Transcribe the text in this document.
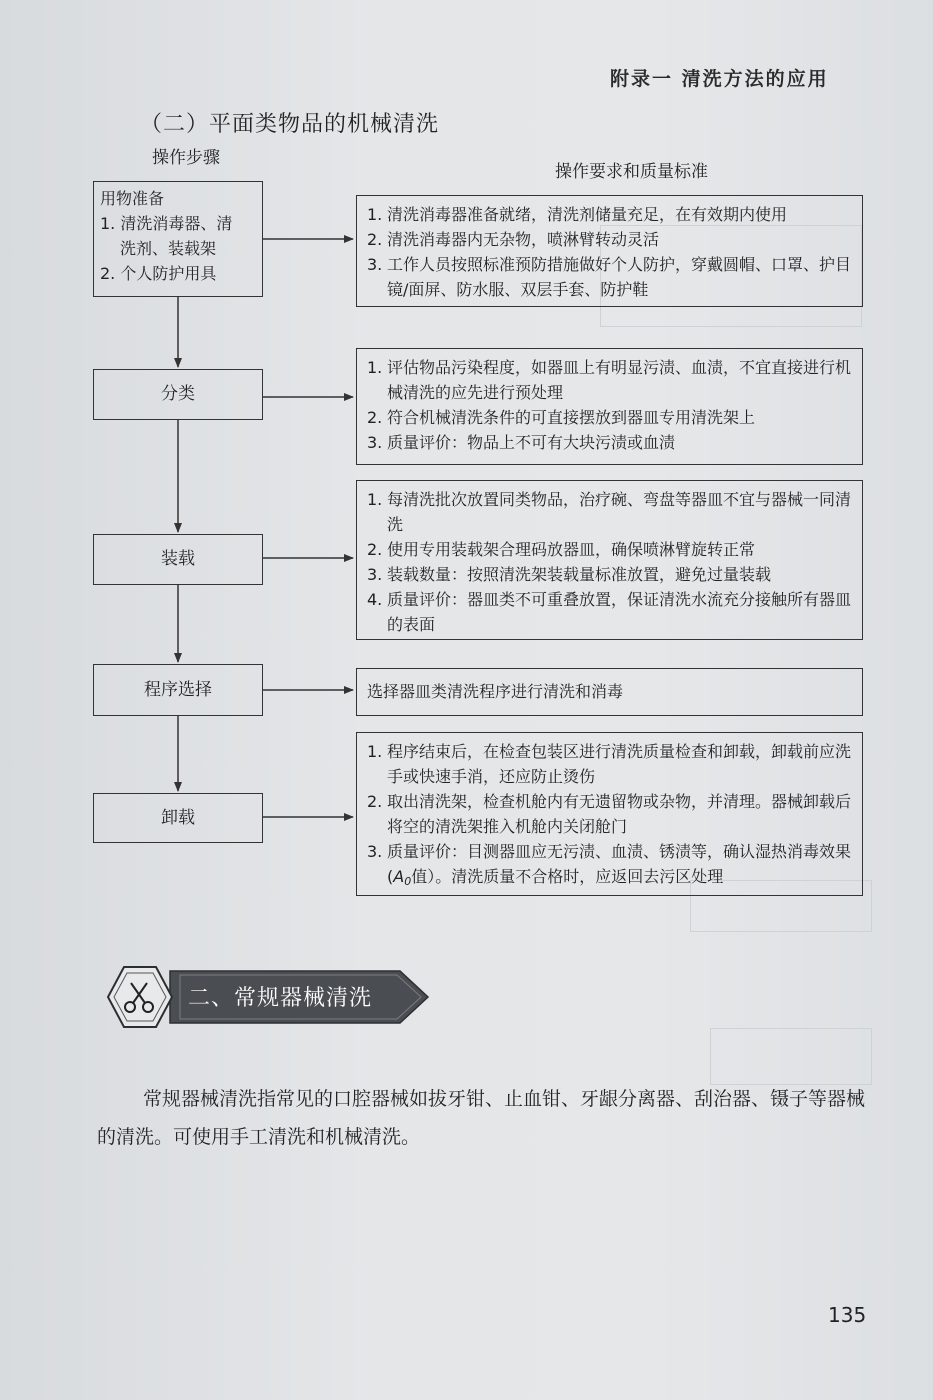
附录一 清洗方法的应用
（二）平面类物品的机械清洗
操作步骤
操作要求和质量标准
用物准备
1. 清洗消毒器、清
洗剂、装载架
2. 个人防护用具
分类
装载
程序选择
卸载
1. 清洗消毒器准备就绪，清洗剂储量充足，在有效期内使用
2. 清洗消毒器内无杂物，喷淋臂转动灵活
3. 工作人员按照标准预防措施做好个人防护，穿戴圆帽、口罩、护目镜/面屏、防水服、双层手套、防护鞋
1. 评估物品污染程度，如器皿上有明显污渍、血渍，不宜直接进行机械清洗的应先进行预处理
2. 符合机械清洗条件的可直接摆放到器皿专用清洗架上
3. 质量评价：物品上不可有大块污渍或血渍
1. 每清洗批次放置同类物品，治疗碗、弯盘等器皿不宜与器械一同清洗
2. 使用专用装载架合理码放器皿，确保喷淋臂旋转正常
3. 装载数量：按照清洗架装载量标准放置，避免过量装载
4. 质量评价：器皿类不可重叠放置，保证清洗水流充分接触所有器皿的表面
选择器皿类清洗程序进行清洗和消毒
1. 程序结束后，在检查包装区进行清洗质量检查和卸载，卸载前应洗手或快速手消，还应防止烫伤
2. 取出清洗架，检查机舱内有无遗留物或杂物，并清理。器械卸载后将空的清洗架推入机舱内关闭舱门
3. 质量评价：目测器皿应无污渍、血渍、锈渍等，确认湿热消毒效果($A_0$值）。清洗质量不合格时，应返回去污区处理
二、常规器械清洗
常规器械清洗指常见的口腔器械如拔牙钳、止血钳、牙龈分离器、刮治器、镊子等器械的清洗。可使用手工清洗和机械清洗。
135
